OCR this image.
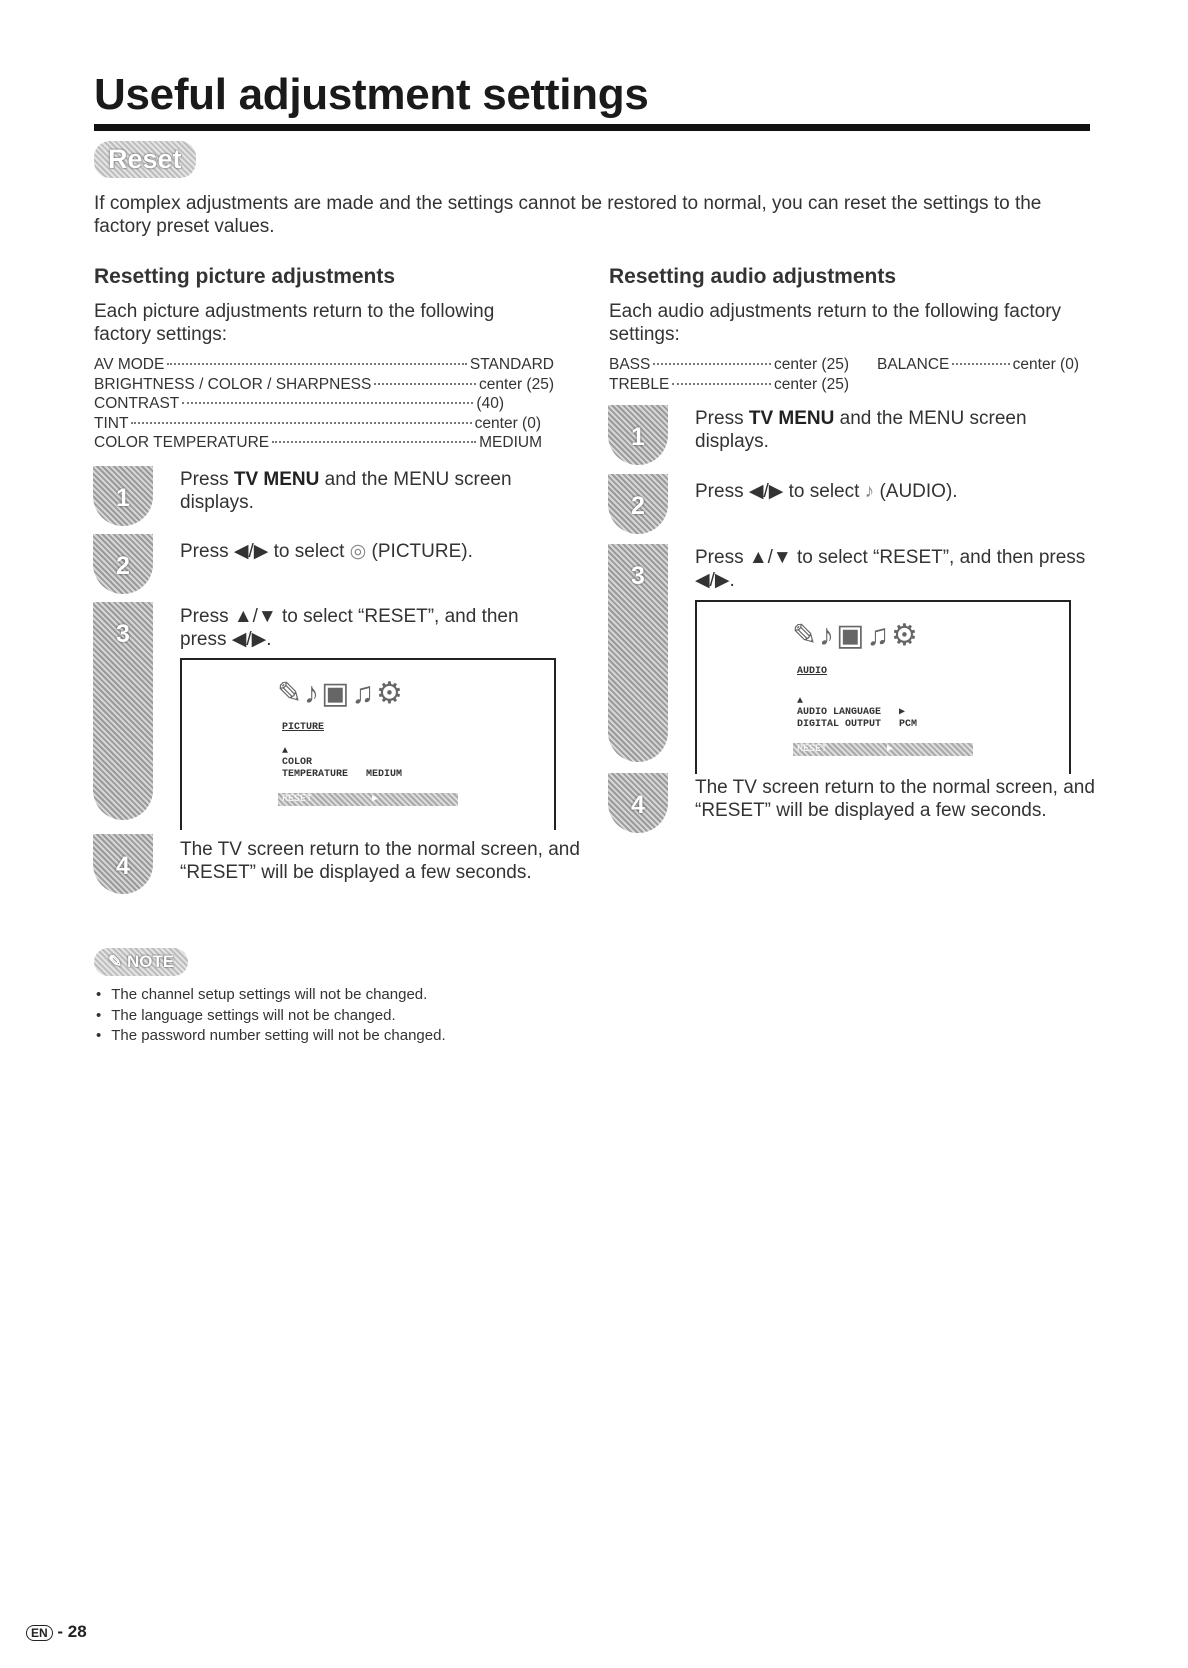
Useful adjustment settings
Reset
If complex adjustments are made and the settings cannot be restored to normal, you can reset the settings to the factory preset values.
Resetting picture adjustments
Each picture adjustments return to the following factory settings:
AV MODE	STANDARD
BRIGHTNESS / COLOR / SHARPNESS	center (25)
CONTRAST	(40)
TINT	center (0)
COLOR TEMPERATURE	MEDIUM
1
Press TV MENU and the MENU screen displays.
2
Press ◀/▶ to select ◎ (PICTURE).
3
Press ▲/▼ to select “RESET”, and then press ◀/▶.
✎♪▣♫⚙
PICTURE
▲
COLOR
TEMPERATURE MEDIUM
RESET	▶
4
The TV screen return to the normal screen, and “RESET” will be displayed a few seconds.
Resetting audio adjustments
Each audio adjustments return to the following factory settings:
BASS	center (25)
TREBLE	center (25)
BALANCE	center (0)
1
Press TV MENU and the MENU screen displays.
2
Press ◀/▶ to select ♪ (AUDIO).
3
Press ▲/▼ to select “RESET”, and then press ◀/▶.
✎♪▣♫⚙
AUDIO
▲
AUDIO LANGUAGE ▶
DIGITAL OUTPUT PCM
RESET	▶
4
The TV screen return to the normal screen, and “RESET” will be displayed a few seconds.
✎ NOTE
• The channel setup settings will not be changed.
• The language settings will not be changed.
• The password number setting will not be changed.
EN - 28
